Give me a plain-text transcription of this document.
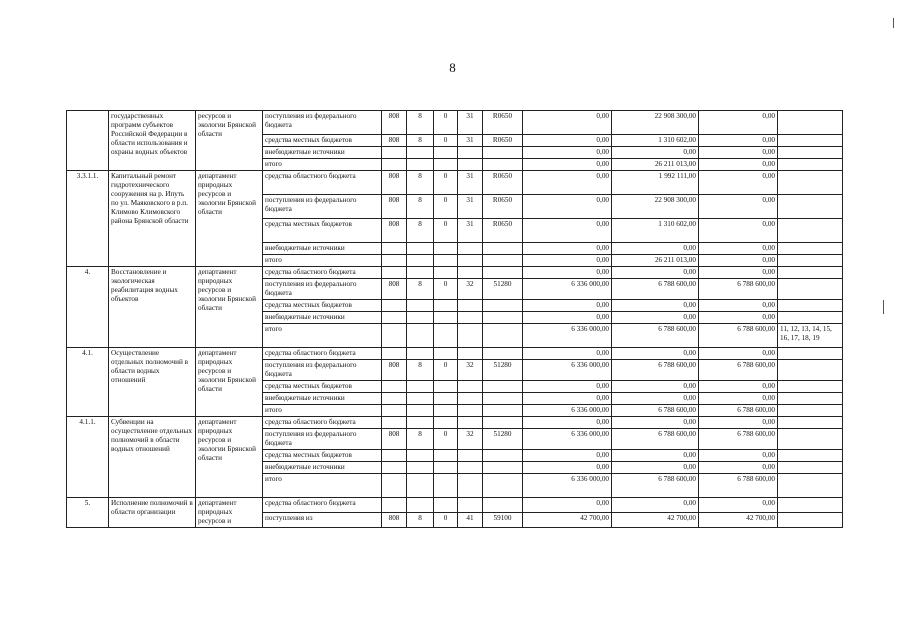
8
	государственных программ субъектов Российской Федерации в области использования и охраны водных объектов	ресурсов и экологии Брянской области	поступления из федерального бюджета	808	8	0	31	R0650	0,00	22 908 300,00	0,00	
			средства местных бюджетов	808	8	0	31	R0650	0,00	1 310 602,00	0,00	
			внебюджетные источники						0,00	0,00	0,00	
			итого						0,00	26 211 013,00	0,00	
3.3.1.1.	Капитальный ремонт гидротехнического сооружения на р. Ипуть по ул. Маяковского в р.п. Климово Климовского района Брянской области	департамент природных ресурсов и экологии Брянской области	средства областного бюджета	808	8	0	31	R0650	0,00	1 992 111,00	0,00	
			поступления из федерального бюджета	808	8	0	31	R0650	0,00	22 908 300,00	0,00	
			средства местных бюджетов	808	8	0	31	R0650	0,00	1 310 602,00	0,00	
			внебюджетные источники						0,00	0,00	0,00	
			итого						0,00	26 211 013,00	0,00	
4.	Восстановление и экологическая реабилитация водных объектов	департамент природных ресурсов и экологии Брянской области	средства областного бюджета						0,00	0,00	0,00	
			поступления из федерального бюджета	808	8	0	32	51280	6 336 000,00	6 788 600,00	6 788 600,00	
			средства местных бюджетов						0,00	0,00	0,00	
			внебюджетные источники						0,00	0,00	0,00	
			итого						6 336 000,00	6 788 600,00	6 788 600,00	11, 12, 13, 14, 15, 16, 17, 18, 19
4.1.	Осуществление отдельных полномочий в области водных отношений	департамент природных ресурсов и экологии Брянской области	средства областного бюджета						0,00	0,00	0,00	
			поступления из федерального бюджета	808	8	0	32	51280	6 336 000,00	6 788 600,00	6 788 600,00	
			средства местных бюджетов						0,00	0,00	0,00	
			внебюджетные источники						0,00	0,00	0,00	
			итого						6 336 000,00	6 788 600,00	6 788 600,00	
4.1.1.	Субвенции на осуществление отдельных полномочий в области водных отношений	департамент природных ресурсов и экологии Брянской области	средства областного бюджета						0,00	0,00	0,00	
			поступления из федерального бюджета	808	8	0	32	51280	6 336 000,00	6 788 600,00	6 788 600,00	
			средства местных бюджетов						0,00	0,00	0,00	
			внебюджетные источники						0,00	0,00	0,00	
			итого						6 336 000,00	6 788 600,00	6 788 600,00	
5.	Исполнение полномочий в области организации	департамент природных ресурсов и	средства областного бюджета						0,00	0,00	0,00	
			поступления из	808	8	0	41	59100	42 700,00	42 700,00	42 700,00	
